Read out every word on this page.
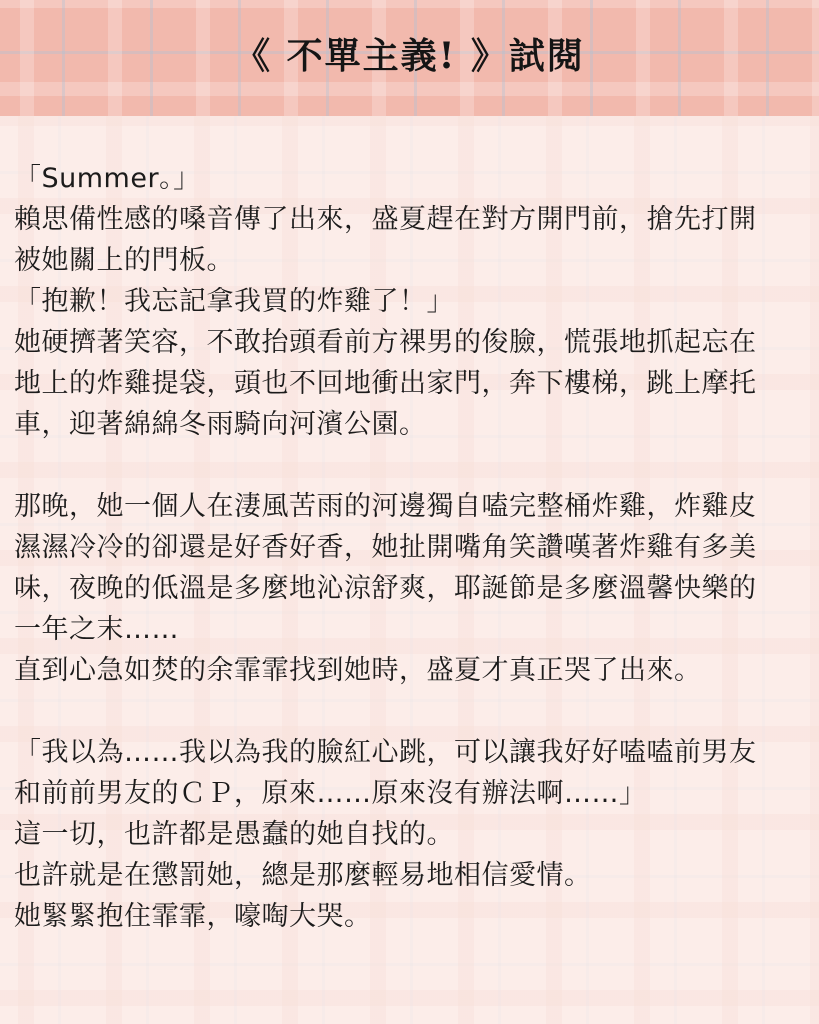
《 不單主義! 》試閱

「Summer。」

賴思備性感的嗓音傳了出來，盛夏趕在對方開門前，搶先打開

被她關上的門板。

「抱歉！我忘記拿我買的炸雞了！」

她硬擠著笑容，不敢抬頭看前方裸男的俊臉，慌張地抓起忘在

地上的炸雞提袋，頭也不回地衝出家門，奔下樓梯，跳上摩托

車，迎著綿綿冬雨騎向河濱公園。

那晚，她一個人在淒風苦雨的河邊獨自嗑完整桶炸雞，炸雞皮

濕濕冷冷的卻還是好香好香，她扯開嘴角笑讚嘆著炸雞有多美

味，夜晚的低溫是多麼地沁涼舒爽，耶誕節是多麼溫馨快樂的

一年之末……

直到心急如焚的余霏霏找到她時，盛夏才真正哭了出來。

「我以為……我以為我的臉紅心跳，可以讓我好好嗑嗑前男友

和前前男友的ＣＰ，原來……原來沒有辦法啊……」

這一切，也許都是愚蠢的她自找的。

也許就是在懲罰她，總是那麼輕易地相信愛情。

她緊緊抱住霏霏，嚎啕大哭。
